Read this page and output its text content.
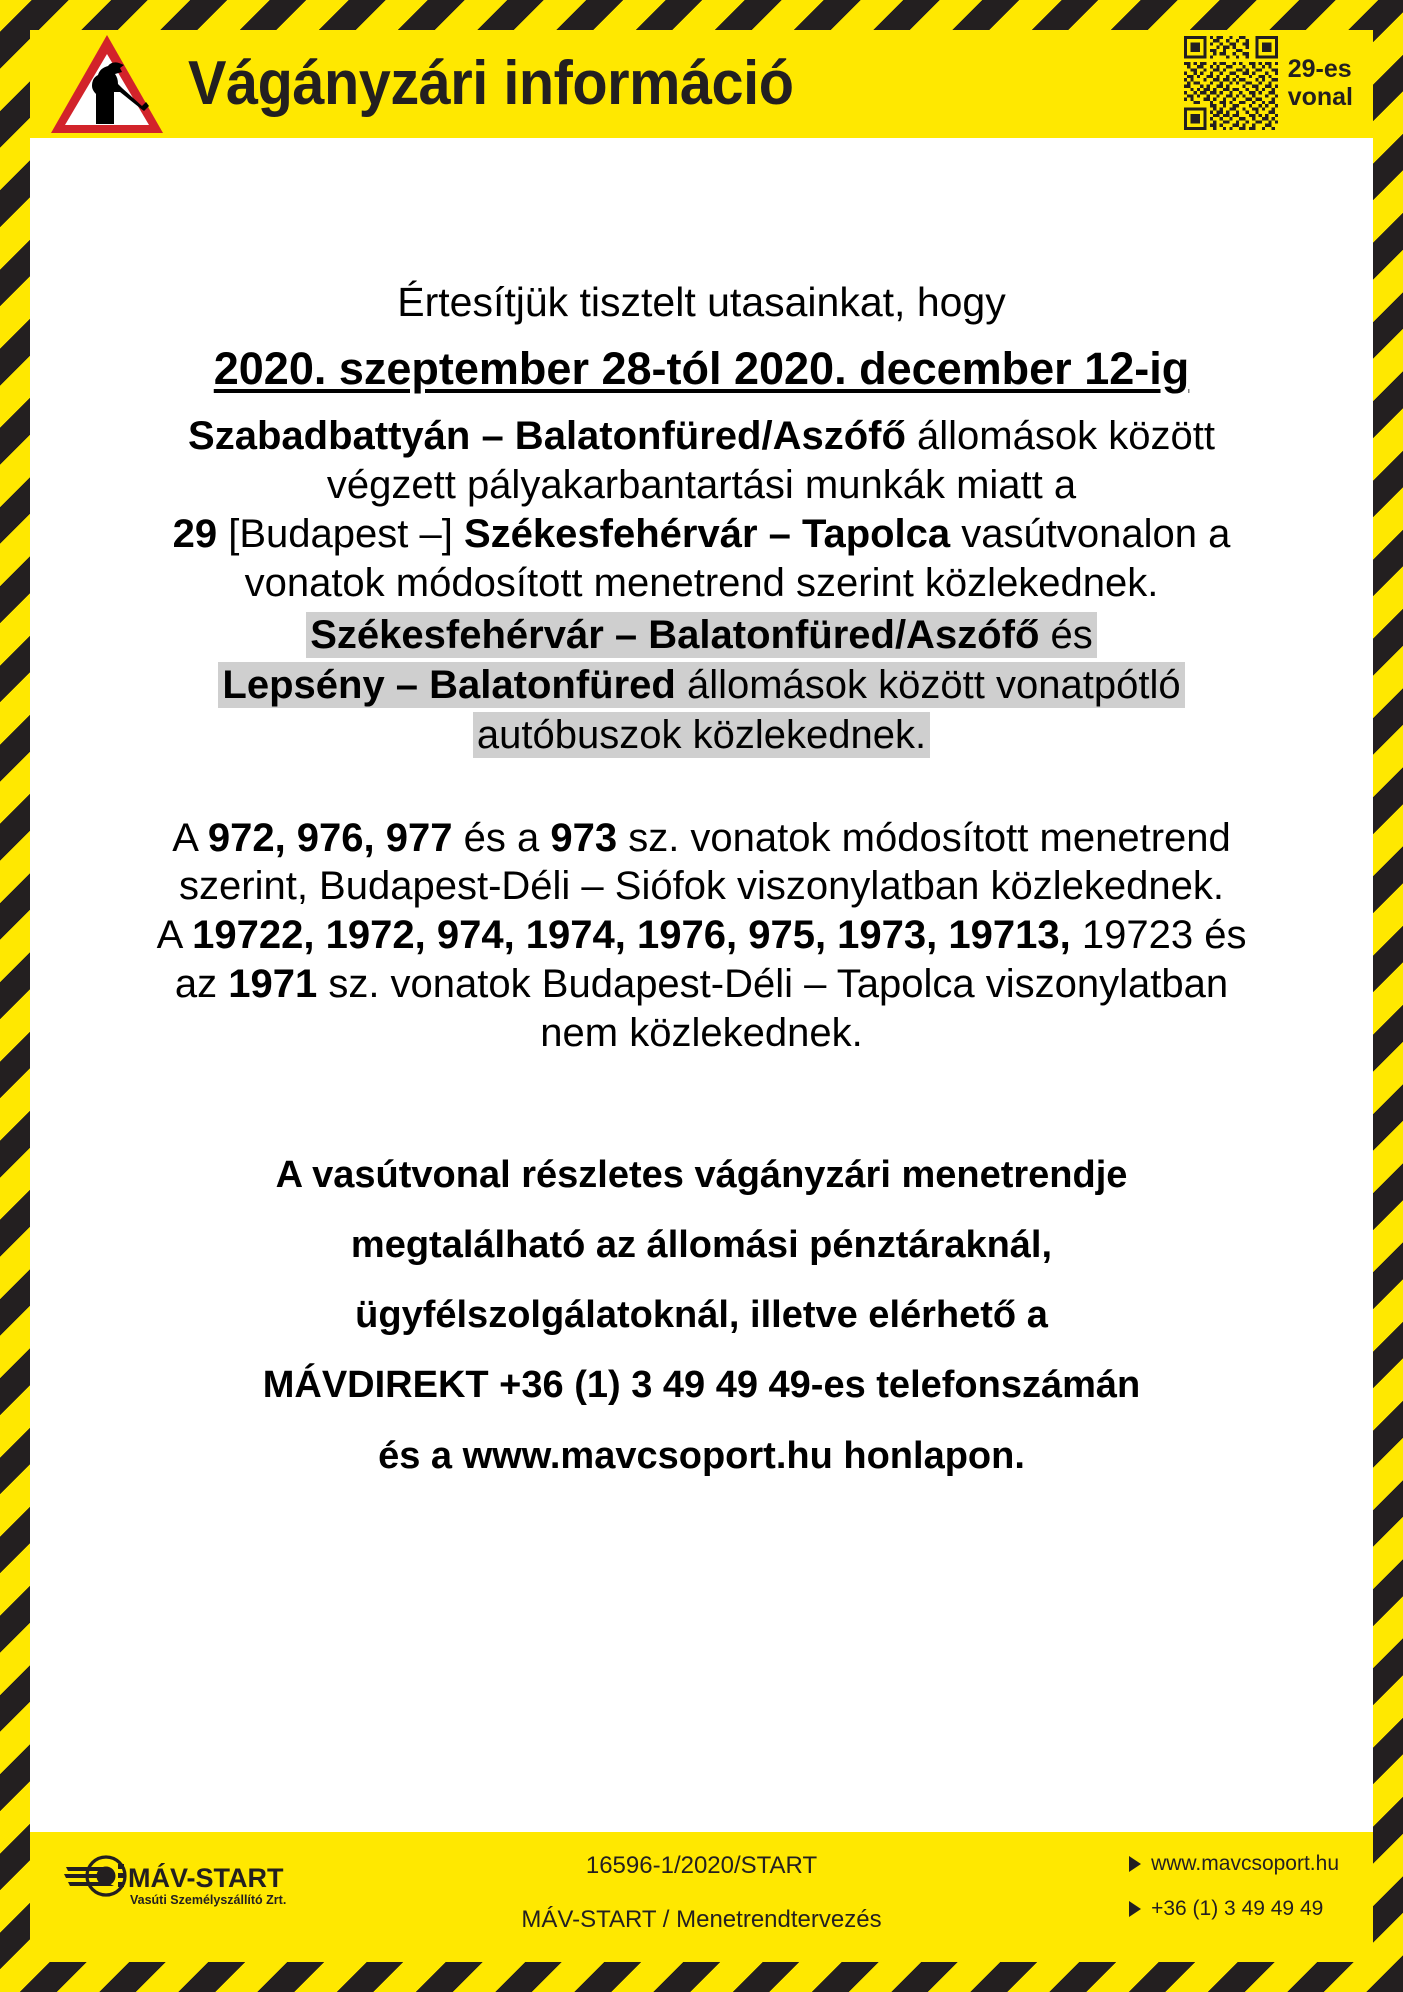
Vágányzári információ	29-es
vonal
Értesítjük tisztelt utasainkat, hogy
2020. szeptember 28-tól 2020. december 12-ig
Szabadbattyán – Balatonfüred/Aszófő állomások között
végzett pályakarbantartási munkák miatt a
29 [Budapest –] Székesfehérvár – Tapolca vasútvonalon a
vonatok módosított menetrend szerint közlekednek.
Székesfehérvár – Balatonfüred/Aszófő és
Lepsény – Balatonfüred állomások között vonatpótló
autóbuszok közlekednek.
A 972, 976, 977 és a 973 sz. vonatok módosított menetrend
szerint, Budapest-Déli – Siófok viszonylatban közlekednek.
A 19722, 1972, 974, 1974, 1976, 975, 1973, 19713, 19723 és
az 1971 sz. vonatok Budapest-Déli – Tapolca viszonylatban
nem közlekednek.
A vasútvonal részletes vágányzári menetrendje
megtalálható az állomási pénztáraknál,
ügyfélszolgálatoknál, illetve elérhető a
MÁVDIREKT +36 (1) 3 49 49 49-es telefonszámán
és a www.mavcsoport.hu honlapon.
MÁV-START
Vasúti Személyszállító Zrt.
16596-1/2020/START
MÁV-START / Menetrendtervezés
www.mavcsoport.hu
+36 (1) 3 49 49 49
